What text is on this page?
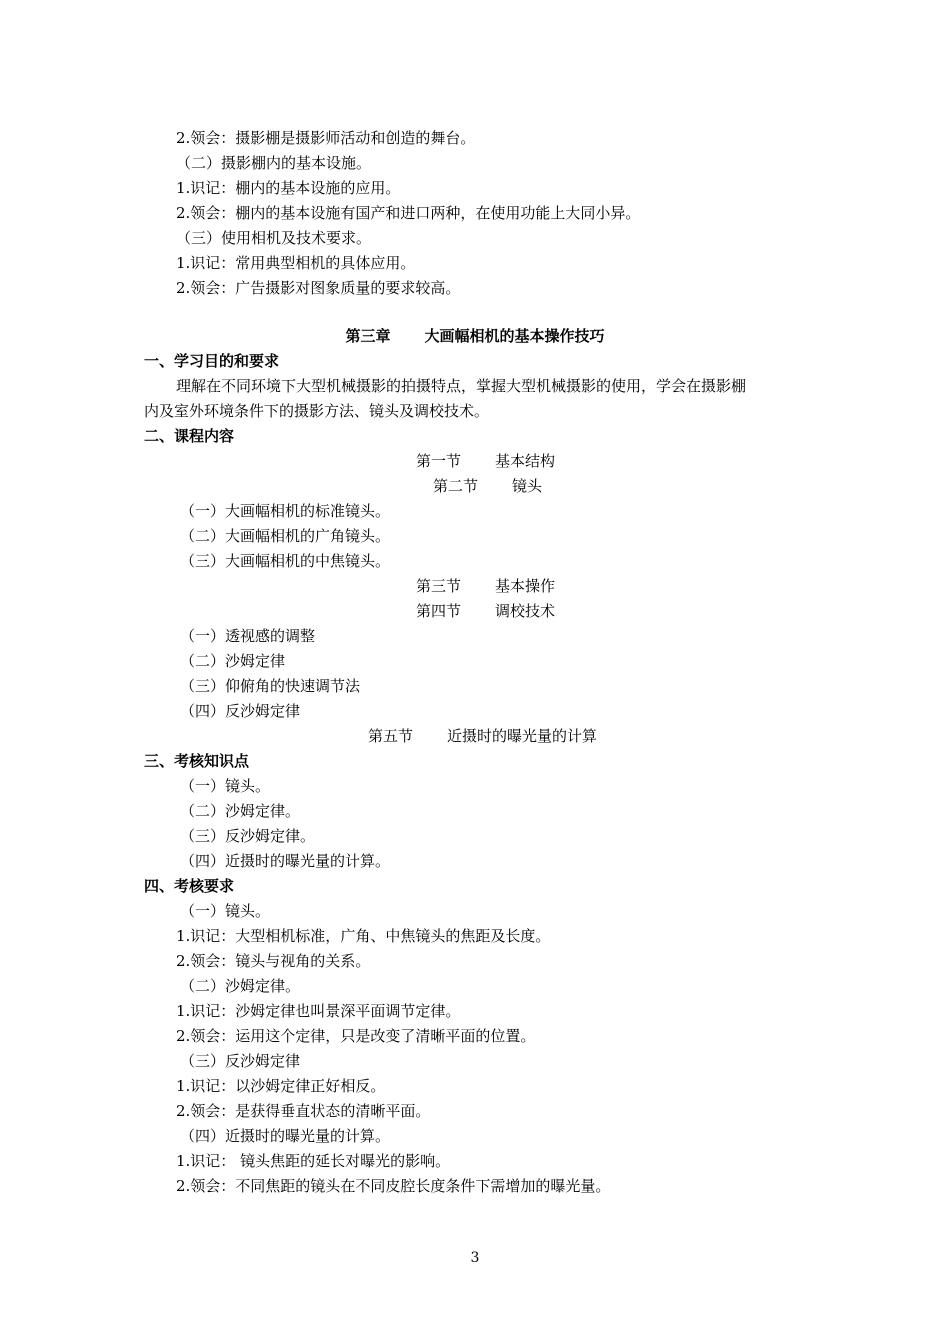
2.领会：摄影棚是摄影师活动和创造的舞台。
（二）摄影棚内的基本设施。
1.识记：棚内的基本设施的应用。
2.领会：棚内的基本设施有国产和进口两种，在使用功能上大同小异。
（三）使用相机及技术要求。
1.识记：常用典型相机的具体应用。
2.领会：广告摄影对图象质量的要求较高。
第三章 大画幅相机的基本操作技巧
一、学习目的和要求
理解在不同环境下大型机械摄影的拍摄特点，掌握大型机械摄影的使用，学会在摄影棚
内及室外环境条件下的摄影方法、镜头及调校技术。
二、课程内容
第一节 基本结构
第二节 镜头
（一）大画幅相机的标准镜头。
（二）大画幅相机的广角镜头。
（三）大画幅相机的中焦镜头。
第三节 基本操作
第四节 调校技术
（一）透视感的调整
（二）沙姆定律
（三）仰俯角的快速调节法
（四）反沙姆定律
第五节 近摄时的曝光量的计算
三、考核知识点
（一）镜头。
（二）沙姆定律。
（三）反沙姆定律。
（四）近摄时的曝光量的计算。
四、考核要求
（一）镜头。
1.识记：大型相机标准，广角、中焦镜头的焦距及长度。
2.领会：镜头与视角的关系。
（二）沙姆定律。
1.识记：沙姆定律也叫景深平面调节定律。
2.领会：运用这个定律，只是改变了清晰平面的位置。
（三）反沙姆定律
1.识记：以沙姆定律正好相反。
2.领会：是获得垂直状态的清晰平面。
（四）近摄时的曝光量的计算。
1.识记： 镜头焦距的延长对曝光的影响。
2.领会：不同焦距的镜头在不同皮腔长度条件下需增加的曝光量。
3
